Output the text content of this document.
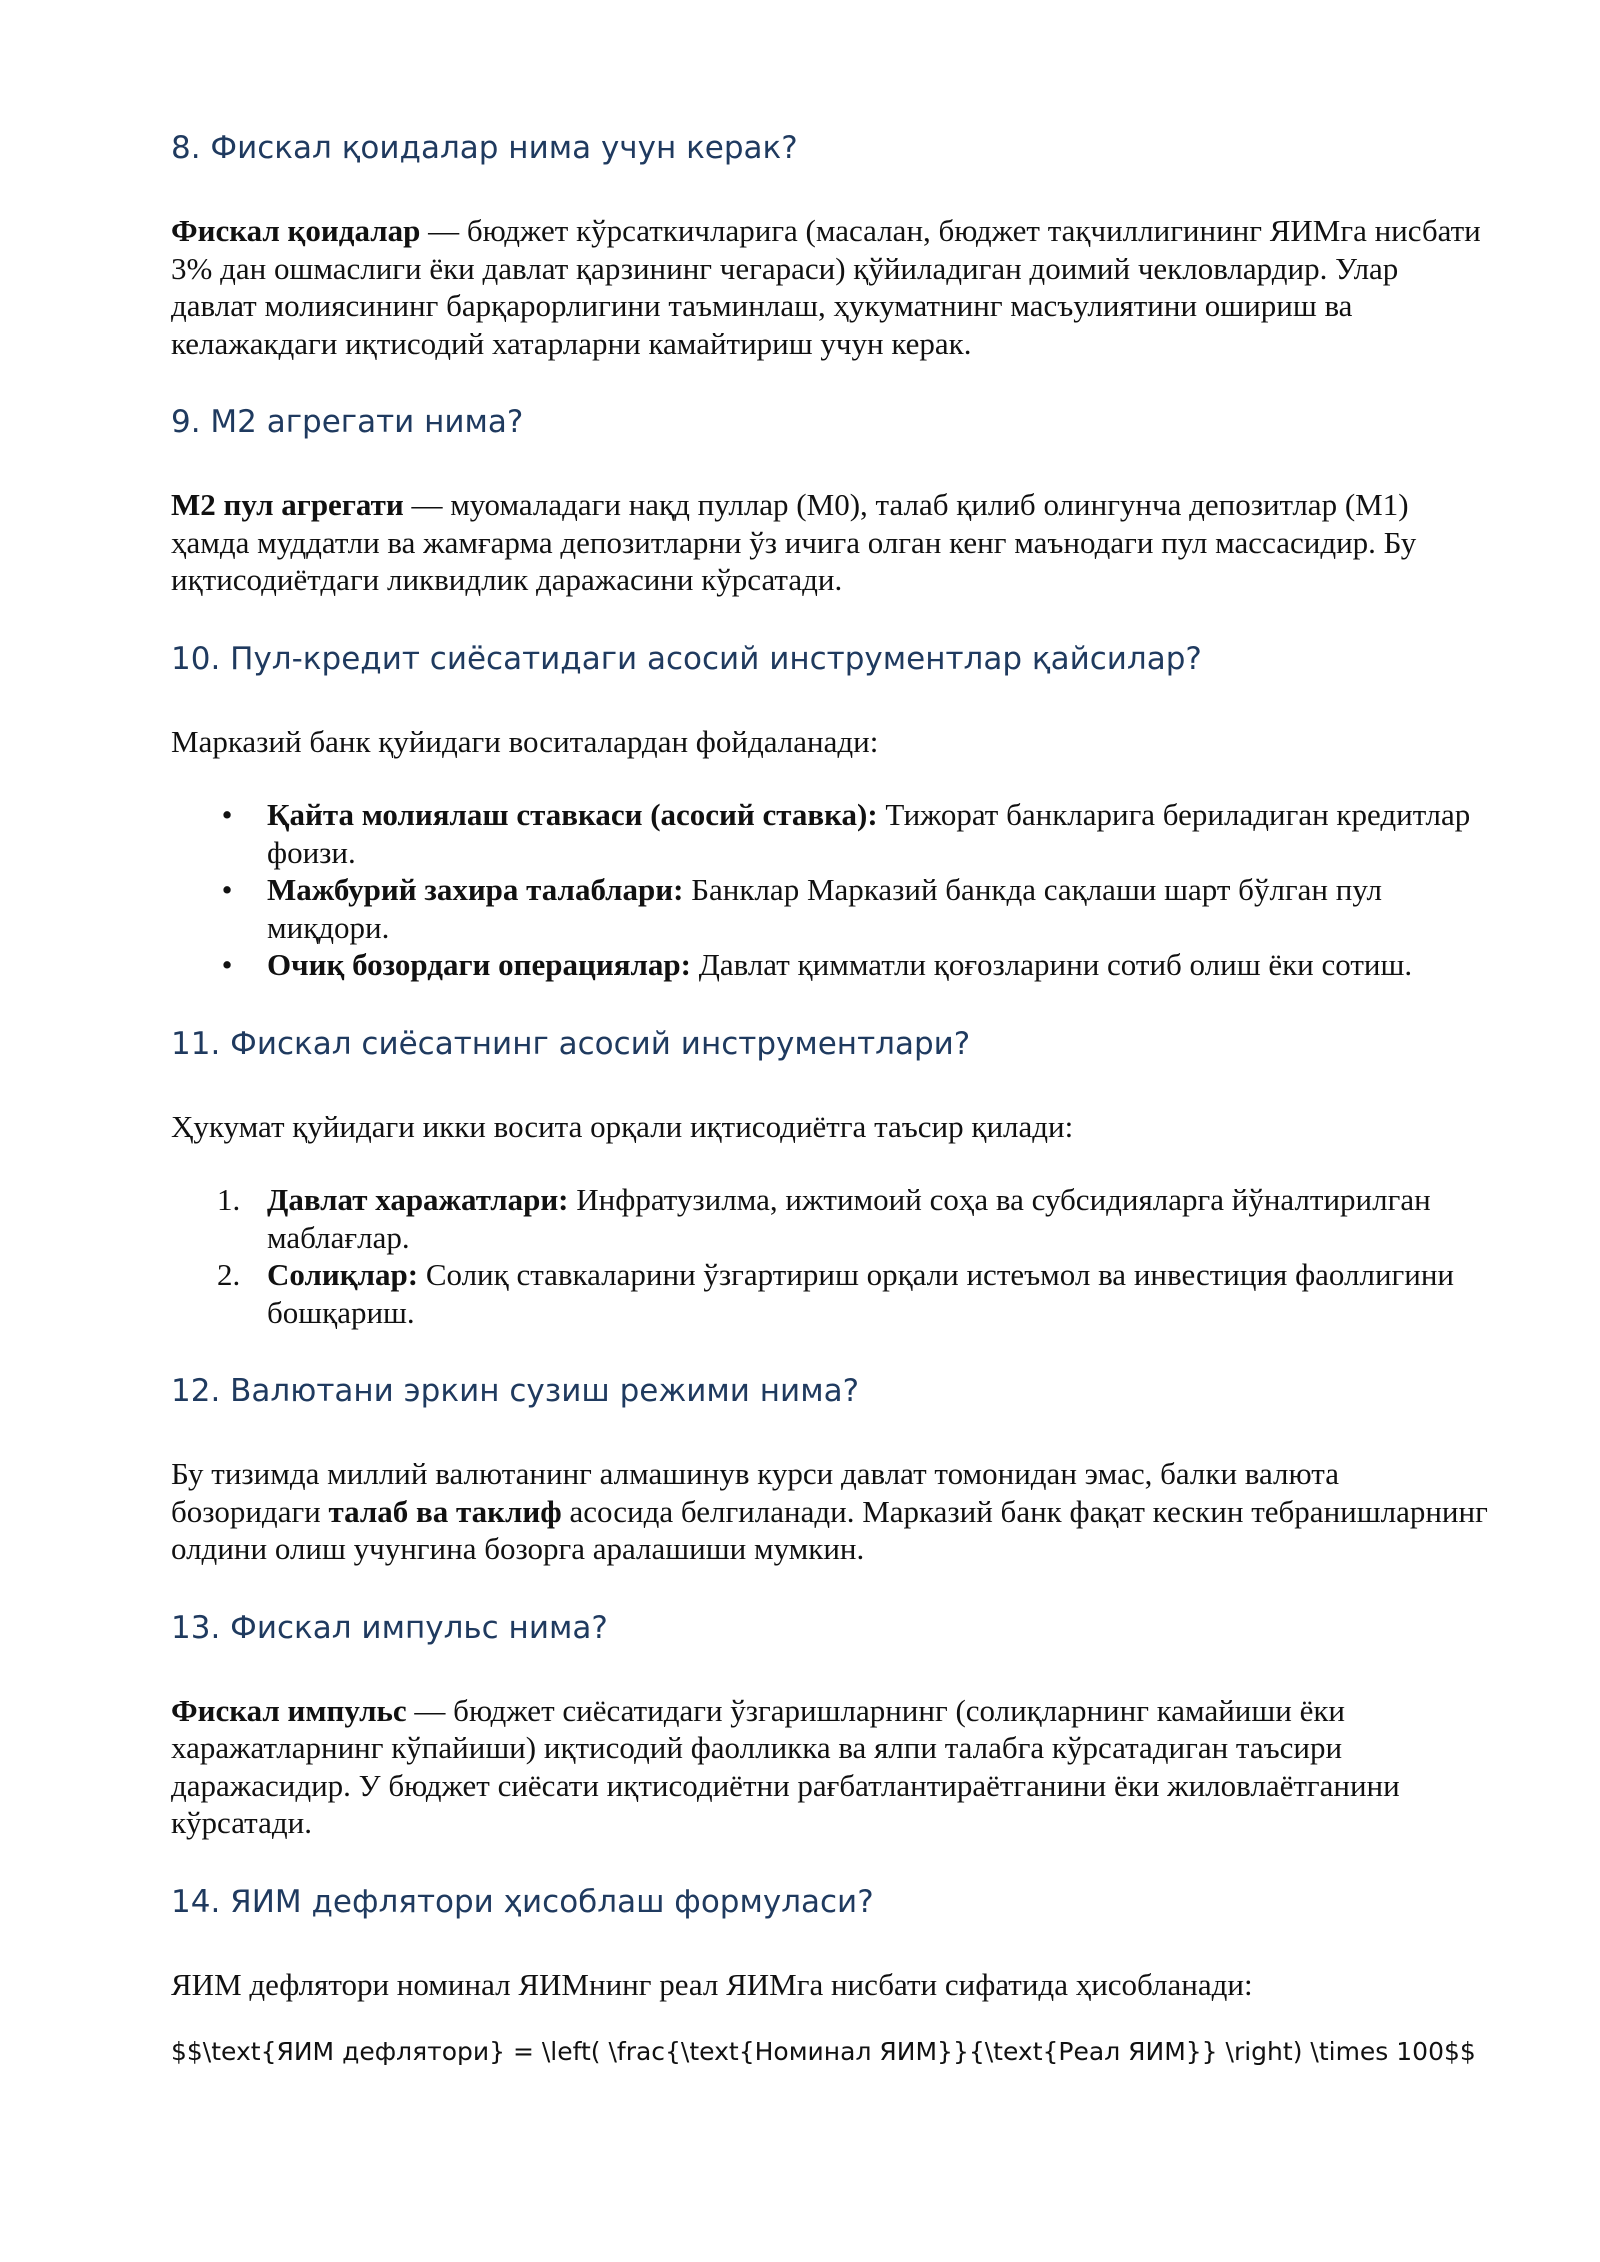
8. Фискал қоидалар нима учун керак?

Фискал қоидалар — бюджет кўрсаткичларига (масалан, бюджет тақчиллигининг ЯИМга нисбати 3% дан ошмаслиги ёки давлат қарзининг чегараси) қўйиладиган доимий чекловлардир. Улар давлат молиясининг барқарорлигини таъминлаш, ҳукуматнинг масъулиятини ошириш ва келажакдаги иқтисодий хатарларни камайтириш учун керак.

9. M2 агрегати нима?

M2 пул агрегати — муомаладаги нақд пуллар (M0), талаб қилиб олингунча депозитлар (M1) ҳамда муддатли ва жамғарма депозитларни ўз ичига олган кенг маънодаги пул массасидир. Бу иқтисодиётдаги ликвидлик даражасини кўрсатади.

10. Пул-кредит сиёсатидаги асосий инструментлар қайсилар?

Марказий банк қуйидаги воситалардан фойдаланади:

• Қайта молиялаш ставкаси (асосий ставка): Тижорат банкларига бериладиган кредитлар фоизи.
• Мажбурий захира талаблари: Банклар Марказий банкда сақлаши шарт бўлган пул миқдори.
• Очиқ бозордаги операциялар: Давлат қимматли қоғозларини сотиб олиш ёки сотиш.
11. Фискал сиёсатнинг асосий инструментлари?

Ҳукумат қуйидаги икки восита орқали иқтисодиётга таъсир қилади:

1. Давлат харажатлари: Инфратузилма, ижтимоий соҳа ва субсидияларга йўналтирилган маблағлар.
2. Солиқлар: Солиқ ставкаларини ўзгартириш орқали истеъмол ва инвестиция фаоллигини бошқариш.
12. Валютани эркин сузиш режими нима?

Бу тизимда миллий валютанинг алмашинув курси давлат томонидан эмас, балки валюта бозоридаги талаб ва таклиф асосида белгиланади. Марказий банк фақат кескин тебранишларнинг олдини олиш учунгина бозорга аралашиши мумкин.

13. Фискал импульс нима?

Фискал импульс — бюджет сиёсатидаги ўзгаришларнинг (солиқларнинг камайиши ёки харажатларнинг кўпайиши) иқтисодий фаолликка ва ялпи талабга кўрсатадиган таъсири даражасидир. У бюджет сиёсати иқтисодиётни рағбатлантираётганини ёки жиловлаётганини кўрсатади.

14. ЯИМ дефлятори ҳисоблаш формуласи?

ЯИМ дефлятори номинал ЯИМнинг реал ЯИМга нисбати сифатида ҳисобланади:

$$\text{ЯИМ дефлятори} = \left( \frac{\text{Номинал ЯИМ}}{\text{Реал ЯИМ}} \right) \times 100$$
